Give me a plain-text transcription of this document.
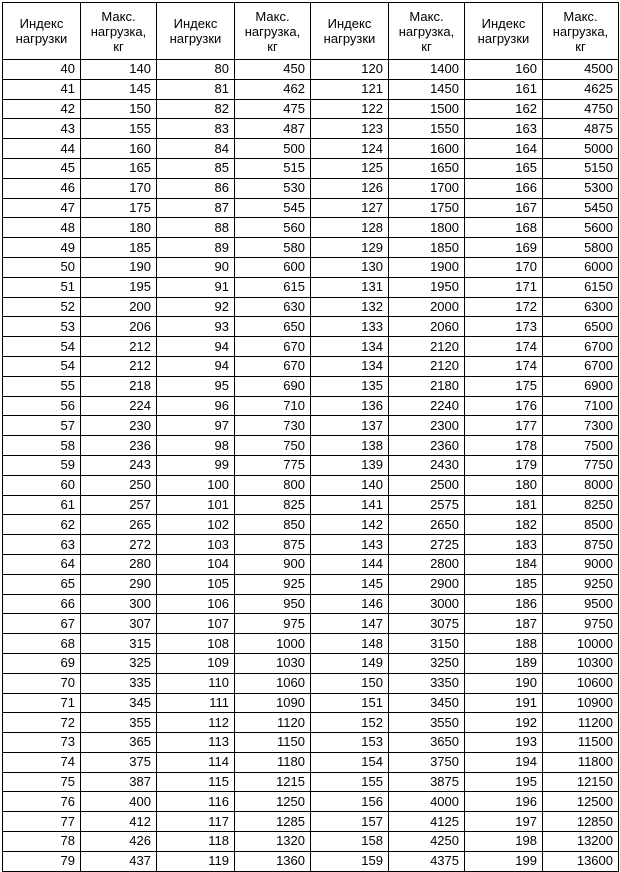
Индекс нагрузки	Макс. нагрузка, кг	Индекс нагрузки	Макс. нагрузка, кг	Индекс нагрузки	Макс. нагрузка, кг	Индекс нагрузки	Макс. нагрузка, кг
40	140	80	450	120	1400	160	4500
41	145	81	462	121	1450	161	4625
42	150	82	475	122	1500	162	4750
43	155	83	487	123	1550	163	4875
44	160	84	500	124	1600	164	5000
45	165	85	515	125	1650	165	5150
46	170	86	530	126	1700	166	5300
47	175	87	545	127	1750	167	5450
48	180	88	560	128	1800	168	5600
49	185	89	580	129	1850	169	5800
50	190	90	600	130	1900	170	6000
51	195	91	615	131	1950	171	6150
52	200	92	630	132	2000	172	6300
53	206	93	650	133	2060	173	6500
54	212	94	670	134	2120	174	6700
54	212	94	670	134	2120	174	6700
55	218	95	690	135	2180	175	6900
56	224	96	710	136	2240	176	7100
57	230	97	730	137	2300	177	7300
58	236	98	750	138	2360	178	7500
59	243	99	775	139	2430	179	7750
60	250	100	800	140	2500	180	8000
61	257	101	825	141	2575	181	8250
62	265	102	850	142	2650	182	8500
63	272	103	875	143	2725	183	8750
64	280	104	900	144	2800	184	9000
65	290	105	925	145	2900	185	9250
66	300	106	950	146	3000	186	9500
67	307	107	975	147	3075	187	9750
68	315	108	1000	148	3150	188	10000
69	325	109	1030	149	3250	189	10300
70	335	110	1060	150	3350	190	10600
71	345	111	1090	151	3450	191	10900
72	355	112	1120	152	3550	192	11200
73	365	113	1150	153	3650	193	11500
74	375	114	1180	154	3750	194	11800
75	387	115	1215	155	3875	195	12150
76	400	116	1250	156	4000	196	12500
77	412	117	1285	157	4125	197	12850
78	426	118	1320	158	4250	198	13200
79	437	119	1360	159	4375	199	13600
